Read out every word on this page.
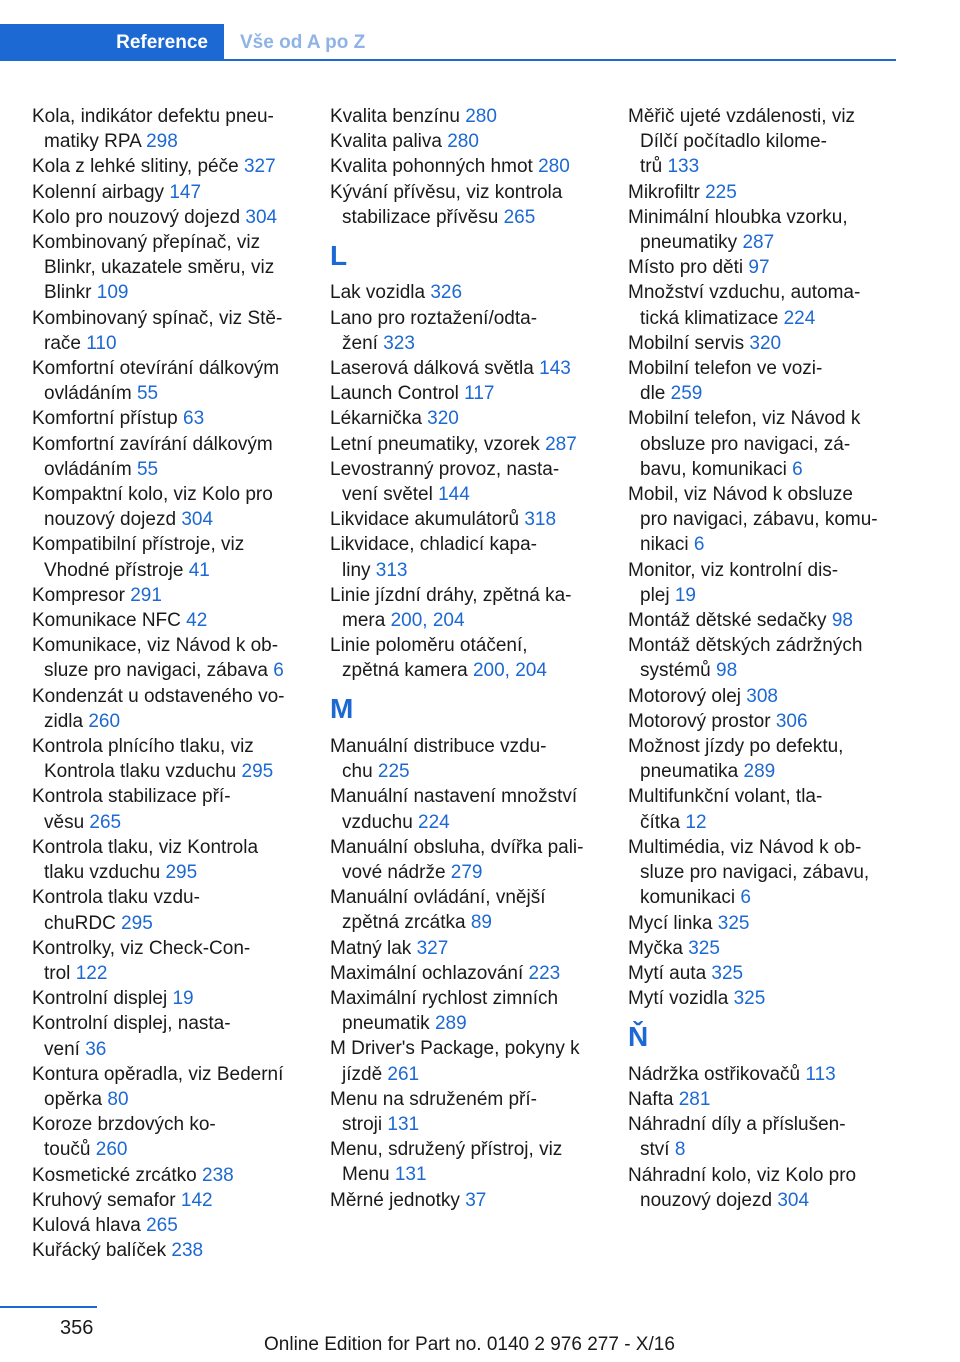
Reference	Vše od A po Z
Kola, indikátor defektu pneu-
matiky RPA 298
Kola z lehké slitiny, péče 327
Kolenní airbagy 147
Kolo pro nouzový dojezd 304
Kombinovaný přepínač, viz
Blinkr, ukazatele směru, viz
Blinkr 109
Kombinovaný spínač, viz Stě-
rače 110
Komfortní otevírání dálkovým
ovládáním 55
Komfortní přístup 63
Komfortní zavírání dálkovým
ovládáním 55
Kompaktní kolo, viz Kolo pro
nouzový dojezd 304
Kompatibilní přístroje, viz
Vhodné přístroje 41
Kompresor 291
Komunikace NFC 42
Komunikace, viz Návod k ob-
sluze pro navigaci, zábava 6
Kondenzát u odstaveného vo-
zidla 260
Kontrola plnícího tlaku, viz
Kontrola tlaku vzduchu 295
Kontrola stabilizace pří-
věsu 265
Kontrola tlaku, viz Kontrola
tlaku vzduchu 295
Kontrola tlaku vzdu-
chuRDC 295
Kontrolky, viz Check-Con-
trol 122
Kontrolní displej 19
Kontrolní displej, nasta-
vení 36
Kontura opěradla, viz Bederní
opěrka 80
Koroze brzdových ko-
toučů 260
Kosmetické zrcátko 238
Kruhový semafor 142
Kulová hlava 265
Kuřácký balíček 238
Kvalita benzínu 280
Kvalita paliva 280
Kvalita pohonných hmot 280
Kývání přívěsu, viz kontrola
stabilizace přívěsu 265
L
Lak vozidla 326
Lano pro roztažení/odta-
žení 323
Laserová dálková světla 143
Launch Control 117
Lékarnička 320
Letní pneumatiky, vzorek 287
Levostranný provoz, nasta-
vení světel 144
Likvidace akumulátorů 318
Likvidace, chladicí kapa-
liny 313
Linie jízdní dráhy, zpětná ka-
mera 200, 204
Linie poloměru otáčení,
zpětná kamera 200, 204
M
Manuální distribuce vzdu-
chu 225
Manuální nastavení množství
vzduchu 224
Manuální obsluha, dvířka pali-
vové nádrže 279
Manuální ovládání, vnější
zpětná zrcátka 89
Matný lak 327
Maximální ochlazování 223
Maximální rychlost zimních
pneumatik 289
M Driver's Package, pokyny k
jízdě 261
Menu na sdruženém pří-
stroji 131
Menu, sdružený přístroj, viz
Menu 131
Měrné jednotky 37
Měřič ujeté vzdálenosti, viz
Dílčí počítadlo kilome-
trů 133
Mikrofiltr 225
Minimální hloubka vzorku,
pneumatiky 287
Místo pro děti 97
Množství vzduchu, automa-
tická klimatizace 224
Mobilní servis 320
Mobilní telefon ve vozi-
dle 259
Mobilní telefon, viz Návod k
obsluze pro navigaci, zá-
bavu, komunikaci 6
Mobil, viz Návod k obsluze
pro navigaci, zábavu, komu-
nikaci 6
Monitor, viz kontrolní dis-
plej 19
Montáž dětské sedačky 98
Montáž dětských zádržných
systémů 98
Motorový olej 308
Motorový prostor 306
Možnost jízdy po defektu,
pneumatika 289
Multifunkční volant, tla-
čítka 12
Multimédia, viz Návod k ob-
sluze pro navigaci, zábavu,
komunikaci 6
Mycí linka 325
Myčka 325
Mytí auta 325
Mytí vozidla 325
Ň
Nádržka ostřikovačů 113
Nafta 281
Náhradní díly a příslušen-
ství 8
Náhradní kolo, viz Kolo pro
nouzový dojezd 304
356
Online Edition for Part no. 0140 2 976 277 - X/16
